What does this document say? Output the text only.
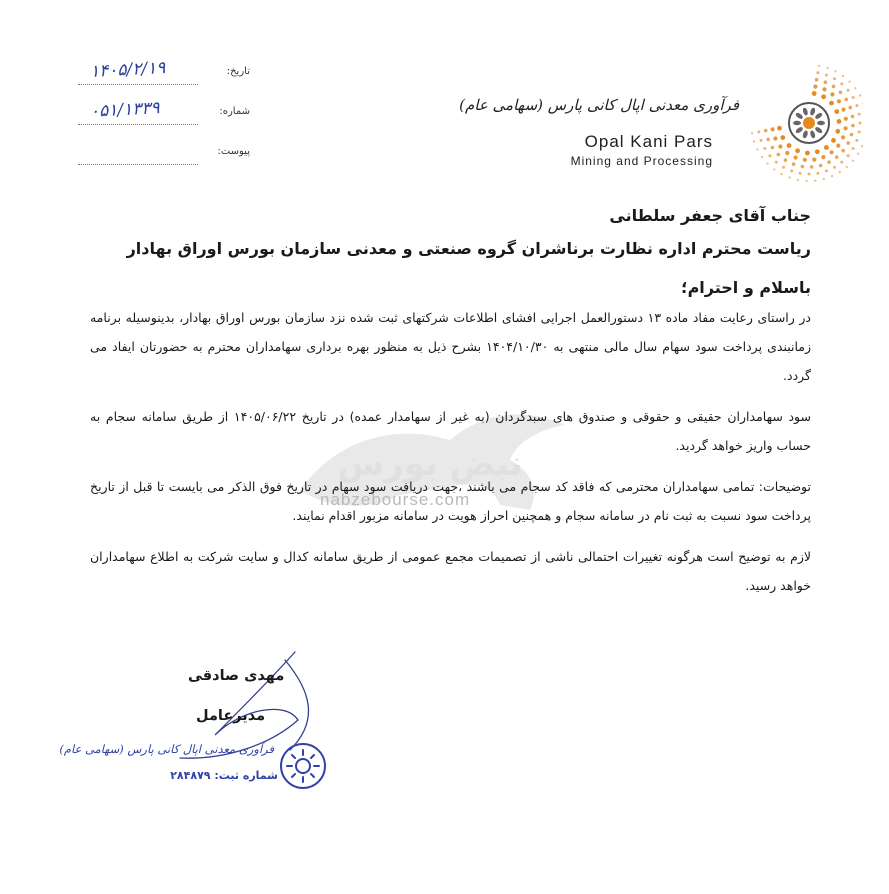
۱۴۰۵/۲/۱۹	تاریخ:
۰۵۱/۱۳۳۹	شماره:
پیوست:
فرآوری معدنی اپال کانی پارس (سهامی عام)
Opal Kani Pars
Mining and Processing
نبض بورس
nabzebourse.com

جناب آقای جعفر سلطانی

ریاست محترم اداره نظارت برناشران گروه صنعتی و معدنی سازمان بورس اوراق بهادار

باسلام و احترام؛

در راستای رعایت مفاد ماده ۱۳ دستورالعمل اجرایی افشای اطلاعات شرکتهای ثبت شده نزد سازمان بورس اوراق بهادار، بدینوسیله برنامه زمانبندی پرداخت سود سهام سال مالی منتهی به ۱۴۰۴/۱۰/۳۰ بشرح ذیل به منظور بهره برداری سهامداران محترم به حضورتان ایفاد می گردد.

سود سهامداران حقیقی و حقوقی و صندوق های سبدگردان (به غیر از سهامدار عمده) در تاریخ ۱۴۰۵/۰۶/۲۲ از طریق سامانه سجام به حساب واریز خواهد گردید.

توضیحات: تمامی سهامداران محترمی که فاقد کد سجام می باشند ،جهت دریافت سود سهام در تاریخ فوق الذکر می بایست تا قبل از تاریخ پرداخت سود نسبت به ثبت نام در سامانه سجام و همچنین احراز هویت در سامانه مزبور اقدام نمایند.

لازم به توضیح است هرگونه تغییرات احتمالی ناشی از تصمیمات مجمع عمومی از طریق سامانه کدال و سایت شرکت به اطلاع سهامداران خواهد رسید.

مهدی صادقی
مدیرعامل
فرآوری معدنی اپال کانی پارس (سهامی عام)
شماره ثبت: ۲۸۴۸۷۹
